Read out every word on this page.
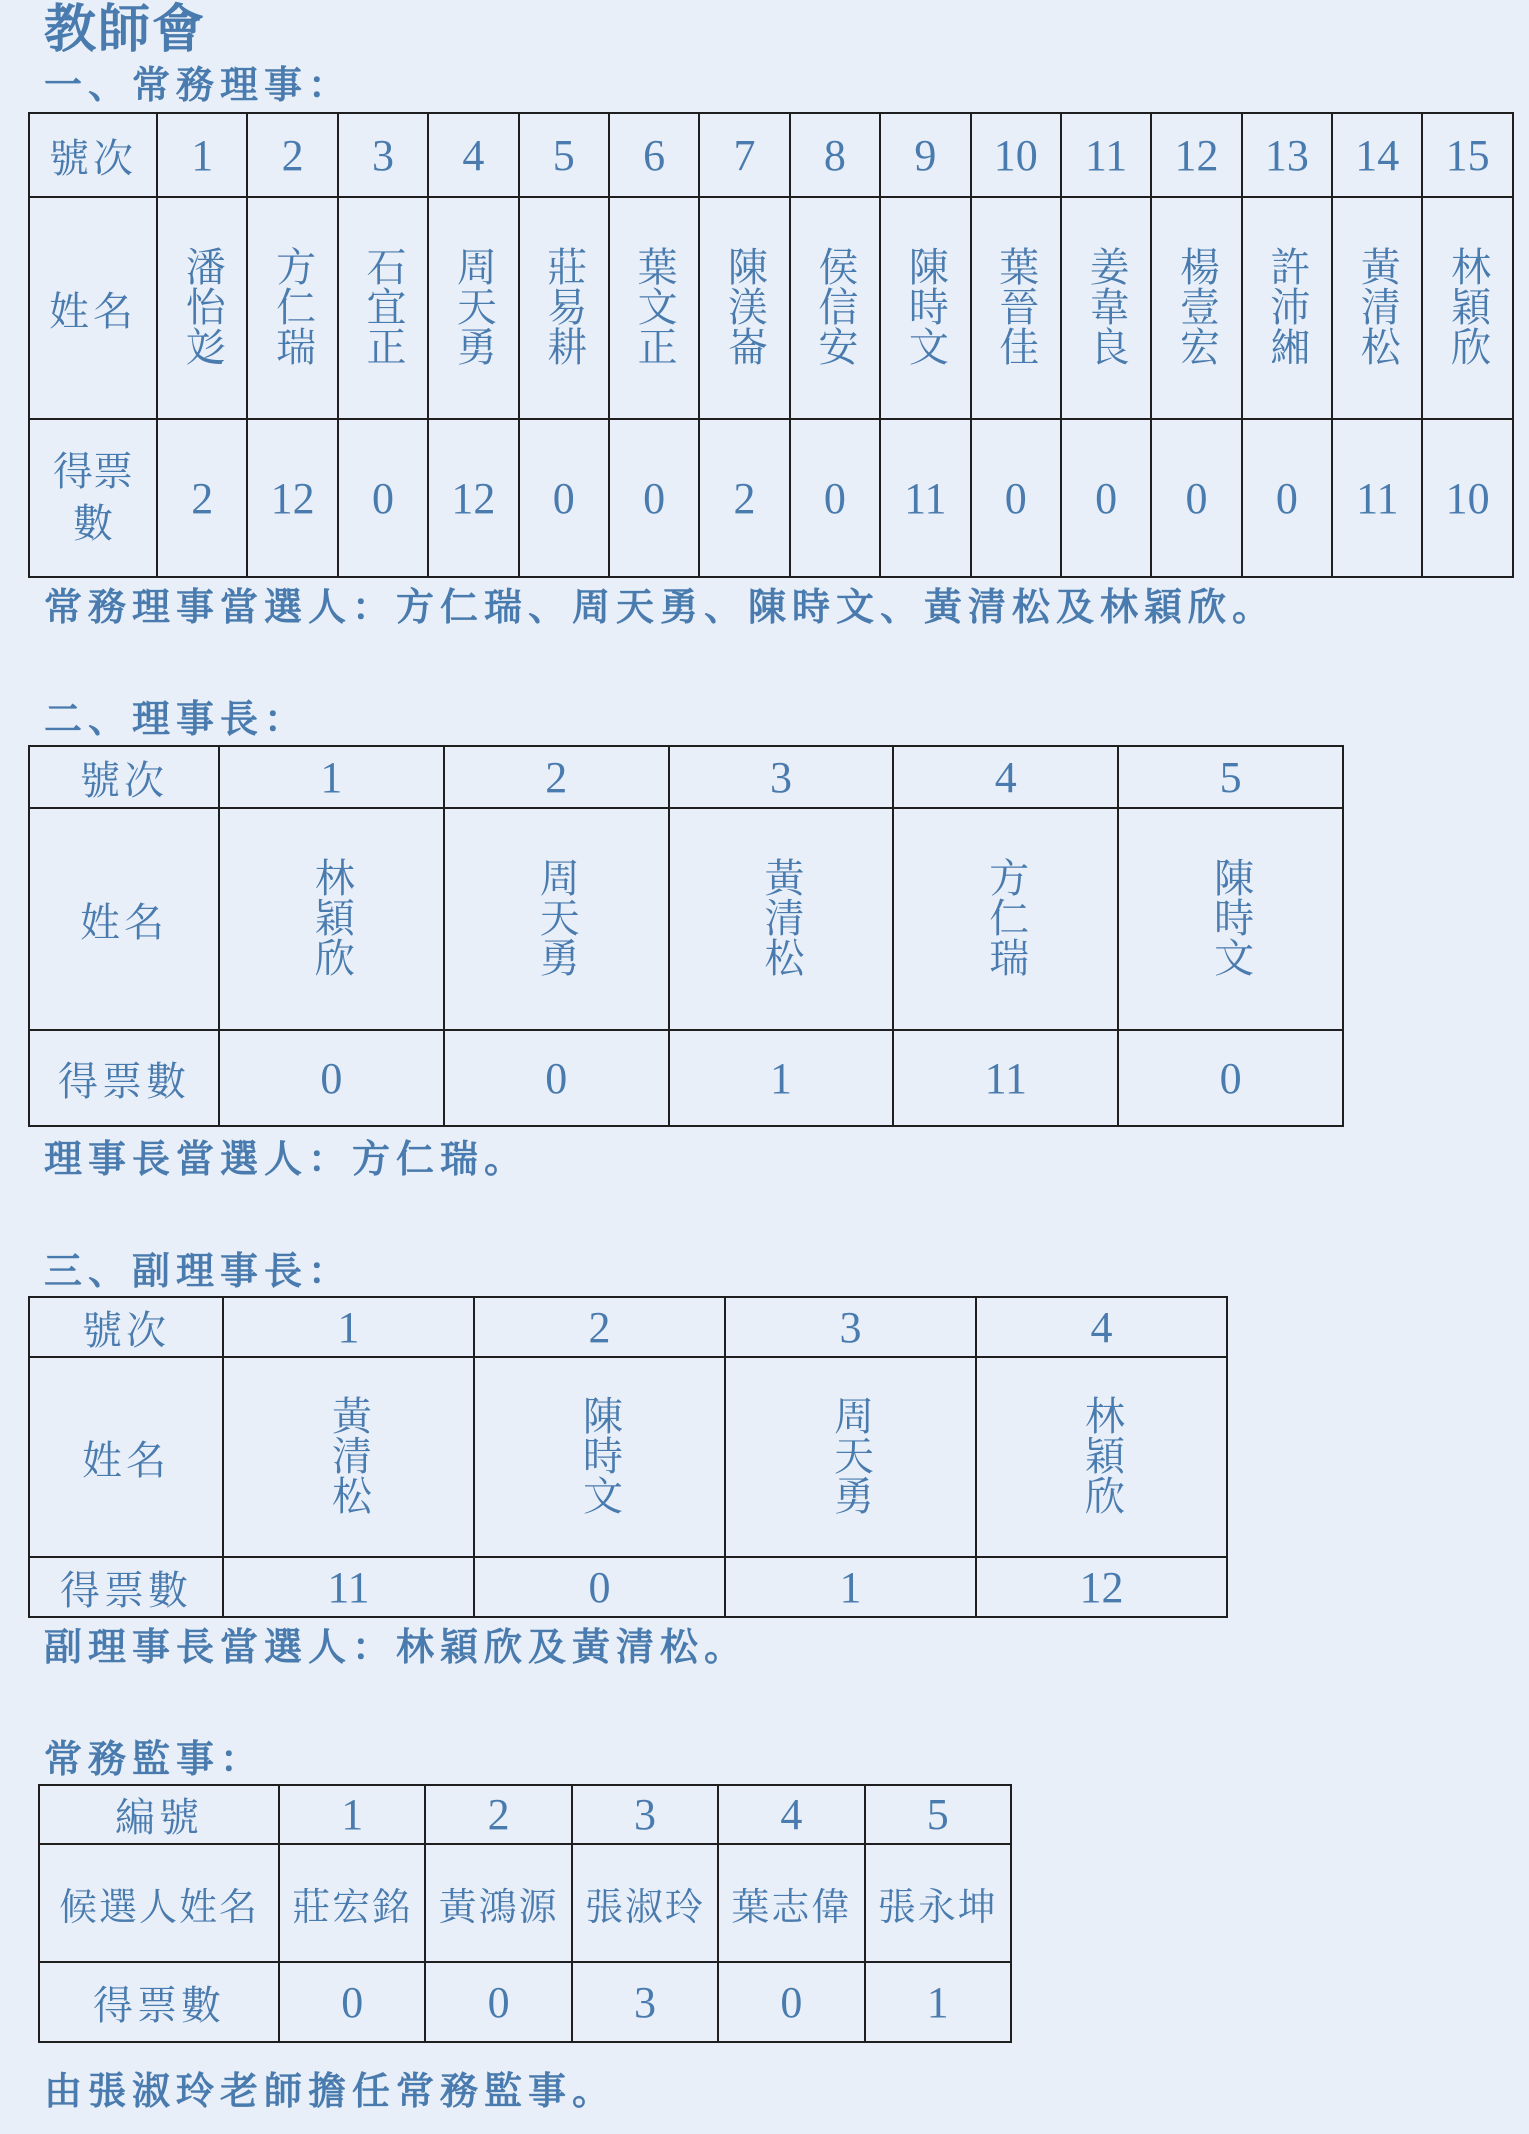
教師會
一、常務理事：
號次	1	2	3	4	5	6	7	8	9	10	11	12	13	14	15
姓名	潘怡彣	方仁瑞	石宜正	周天勇	莊易耕	葉文正	陳渼崙	侯信安	陳時文	葉晉佳	姜韋良	楊壹宏	許沛緗	黃清松	林穎欣
得票數	2	12	0	12	0	0	2	0	11	0	0	0	0	11	10
常務理事當選人：方仁瑞、周天勇、陳時文、黃清松及林穎欣。
二、理事長：
號次	1	2	3	4	5
姓名	林穎欣	周天勇	黃清松	方仁瑞	陳時文
得票數	0	0	1	11	0
理事長當選人：方仁瑞。
三、副理事長：
號次	1	2	3	4
姓名	黃清松	陳時文	周天勇	林穎欣
得票數	11	0	1	12
副理事長當選人：林穎欣及黃清松。
常務監事：
編號	1	2	3	4	5
候選人姓名	莊宏銘	黃鴻源	張淑玲	葉志偉	張永坤
得票數	0	0	3	0	1
由張淑玲老師擔任常務監事。
